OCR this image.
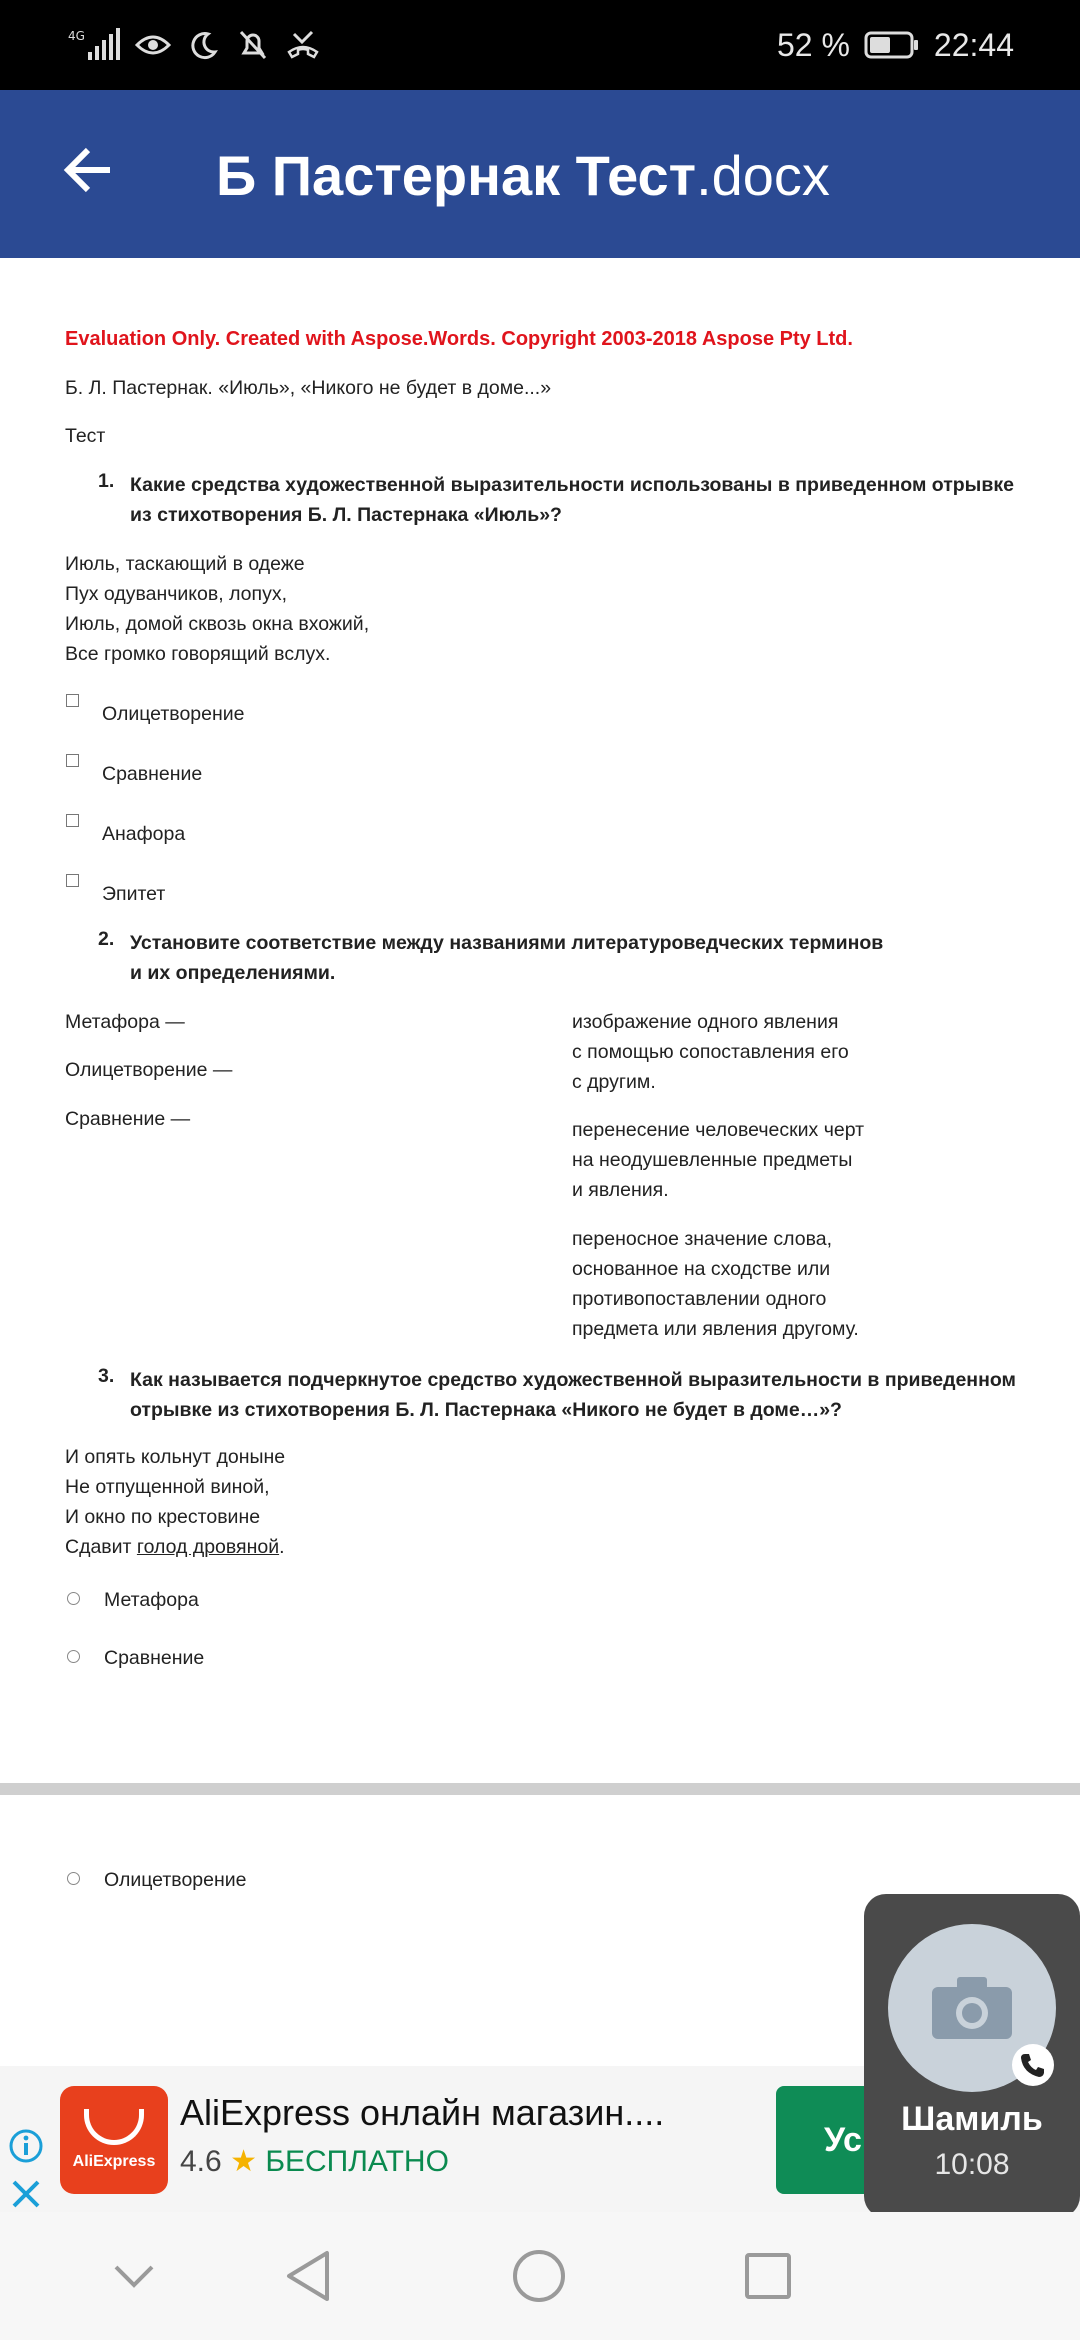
4G	52 %	22:44
Б Пастернак Тест.docx
Evaluation Only. Created with Aspose.Words. Copyright 2003-2018 Aspose Pty Ltd.
Б. Л. Пастернак. «Июль», «Никого не будет в доме...»
Тест
1. Какие средства художественной выразительности использованы в приведенном отрывке
из стихотворения Б. Л. Пастернака «Июль»?
Июль, таскающий в одеже
Пух одуванчиков, лопух,
Июль, домой сквозь окна вхожий,
Все громко говорящий вслух.
Олицетворение
Сравнение
Анафора
Эпитет
2. Установите соответствие между названиями литературоведческих терминов
и их определениями.
Метафора —
Олицетворение —
Сравнение —
изображение одного явления
с помощью сопоставления его
с другим.
перенесение человеческих черт
на неодушевленные предметы
и явления.
переносное значение слова,
основанное на сходстве или
противопоставлении одного
предмета или явления другому.
3. Как называется подчеркнутое средство художественной выразительности в приведенном
отрывке из стихотворения Б. Л. Пастернака «Никого не будет в доме…»?
И опять кольнут доныне
Не отпущенной виной,
И окно по крестовине
Сдавит голод дровяной.
Метафора
Сравнение
Олицетворение
AliExpress
AliExpress онлайн магазин....
4.6 ★ БЕСПЛАТНО
Ус
Шамиль
10:08
